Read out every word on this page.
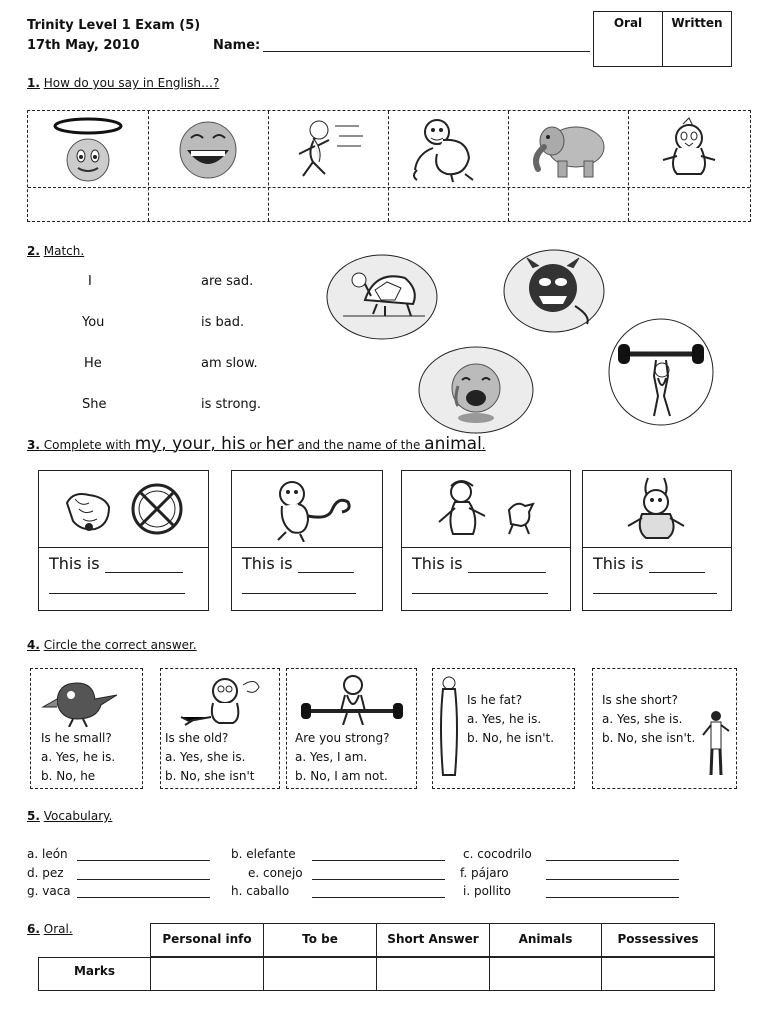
Trinity Level 1 Exam (5)
17th May, 2010	Name:
Oral	Written
1. How do you say in English…?
2. Match.
I
You
He
She
are sad.
is bad.
am slow.
is strong.
3. Complete with my, your, his or her and the name of the animal.
This is	This is	This is	This is
4. Circle the correct answer.
Is he small?
a. Yes, he is.
b. No, he
Is she old?
a. Yes, she is.
b. No, she isn't
Are you strong?
a. Yes, I am.
b. No, I am not.
Is he fat?
a. Yes, he is.
b. No, he isn't.
Is she short?
a. Yes, she is.
b. No, she isn't.
5. Vocabulary.
a. león	b. elefante	c. cocodrilo
d. pez	e. conejo	f. pájaro
g. vaca	h. caballo	i. pollito
6. Oral.
Personal info	To be	Short Answer	Animals	Possessives
Marks
